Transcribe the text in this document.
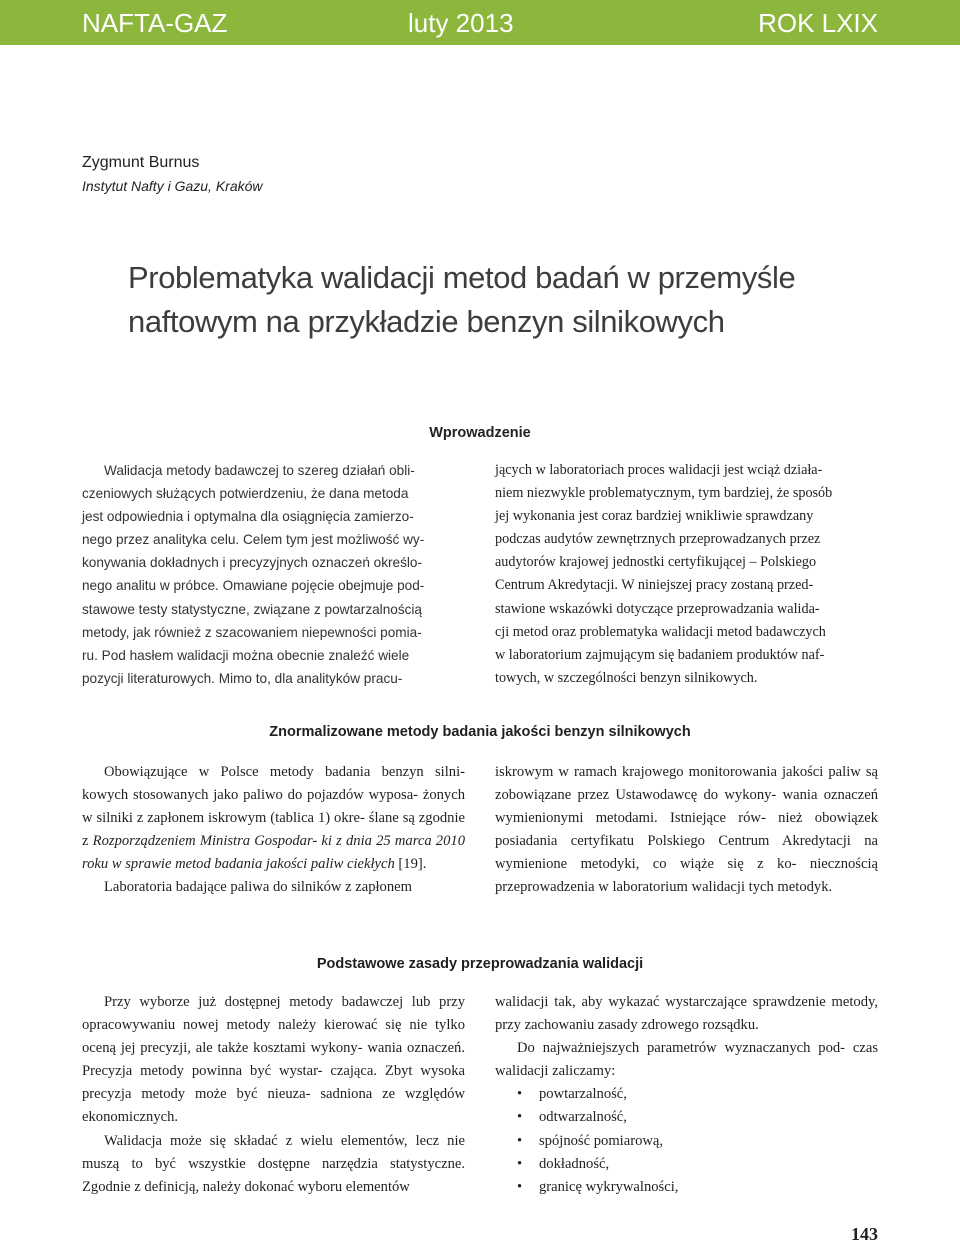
NAFTA-GAZ	luty 2013	ROK LXIX
Zygmunt Burnus
Instytut Nafty i Gazu, Kraków
Problematyka walidacji metod badań w przemyśle
naftowym na przykładzie benzyn silnikowych
Wprowadzenie
Walidacja metody badawczej to szereg działań obli-
czeniowych służących potwierdzeniu, że dana metoda
jest odpowiednia i optymalna dla osiągnięcia zamierzo-
nego przez analityka celu. Celem tym jest możliwość wy-
konywania dokładnych i precyzyjnych oznaczeń określo-
nego analitu w próbce. Omawiane pojęcie obejmuje pod-
stawowe testy statystyczne, związane z powtarzalnością
metody, jak również z szacowaniem niepewności pomia-
ru. Pod hasłem walidacji można obecnie znaleźć wiele
pozycji literaturowych. Mimo to, dla analityków pracu-
jących w laboratoriach proces walidacji jest wciąż działa-
niem niezwykle problematycznym, tym bardziej, że sposób
jej wykonania jest coraz bardziej wnikliwie sprawdzany
podczas audytów zewnętrznych przeprowadzanych przez
audytorów krajowej jednostki certyfikującej – Polskiego
Centrum Akredytacji. W niniejszej pracy zostaną przed-
stawione wskazówki dotyczące przeprowadzania walida-
cji metod oraz problematyka walidacji metod badawczych
w laboratorium zajmującym się badaniem produktów naf-
towych, w szczególności benzyn silnikowych.
Znormalizowane metody badania jakości benzyn silnikowych

Obowiązujące w Polsce metody badania benzyn silni- kowych stosowanych jako paliwo do pojazdów wyposa- żonych w silniki z zapłonem iskrowym (tablica 1) okre- ślane są zgodnie z Rozporządzeniem Ministra Gospodar- ki z dnia 25 marca 2010 roku w sprawie metod badania jakości paliw ciekłych [19].

Laboratoria badające paliwa do silników z zapłonem

iskrowym w ramach krajowego monitorowania jakości paliw są zobowiązane przez Ustawodawcę do wykony- wania oznaczeń wymienionymi metodami. Istniejące rów- nież obowiązek posiadania certyfikatu Polskiego Centrum Akredytacji na wymienione metodyki, co wiąże się z ko- niecznością przeprowadzenia w laboratorium walidacji tych metodyk.

Podstawowe zasady przeprowadzania walidacji

Przy wyborze już dostępnej metody badawczej lub przy opracowywaniu nowej metody należy kierować się nie tylko oceną jej precyzji, ale także kosztami wykony- wania oznaczeń. Precyzja metody powinna być wystar- czająca. Zbyt wysoka precyzja metody może być nieuza- sadniona ze względów ekonomicznych.

Walidacja może się składać z wielu elementów, lecz nie muszą to być wszystkie dostępne narzędzia statystyczne. Zgodnie z definicją, należy dokonać wyboru elementów

walidacji tak, aby wykazać wystarczające sprawdzenie metody, przy zachowaniu zasady zdrowego rozsądku.

Do najważniejszych parametrów wyznaczanych pod- czas walidacji zaliczamy:

• powtarzalność,
• odtwarzalność,
• spójność pomiarową,
• dokładność,
• granicę wykrywalności,
143
